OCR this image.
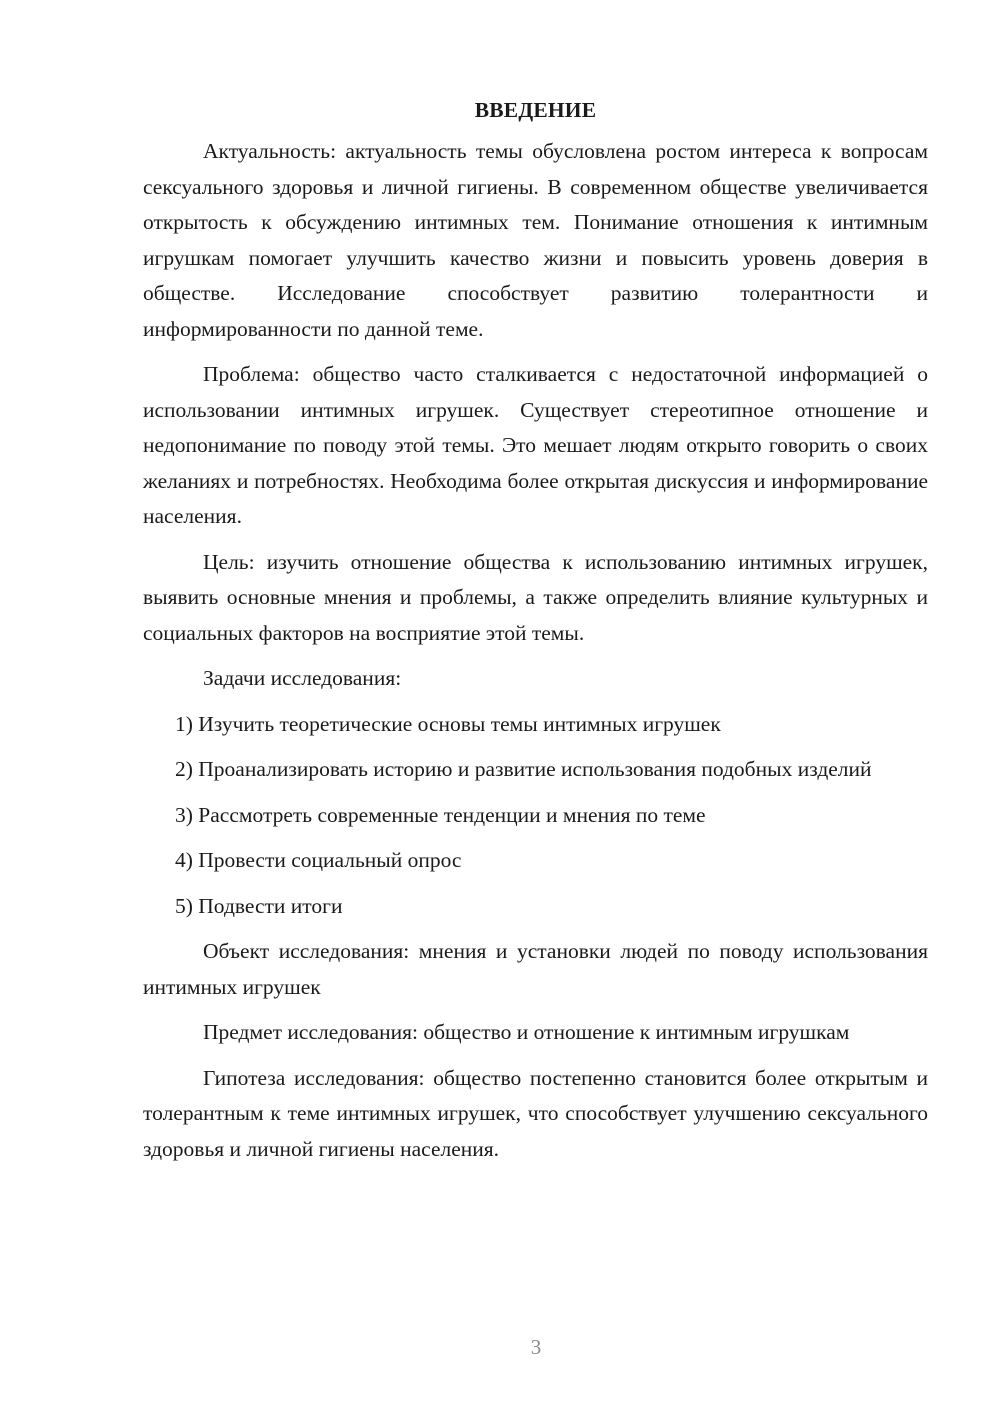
ВВЕДЕНИЕ

Актуальность: актуальность темы обусловлена ростом интереса к вопросам сексуального здоровья и личной гигиены. В современном обществе увеличивается открытость к обсуждению интимных тем. Понимание отношения к интимным игрушкам помогает улучшить качество жизни и повысить уровень доверия в обществе. Исследование способствует развитию толерантности и информированности по данной теме.

Проблема: общество часто сталкивается с недостаточной информацией о использовании интимных игрушек. Существует стереотипное отношение и недопонимание по поводу этой темы. Это мешает людям открыто говорить о своих желаниях и потребностях. Необходима более открытая дискуссия и информирование населения.

Цель: изучить отношение общества к использованию интимных игрушек, выявить основные мнения и проблемы, а также определить влияние культурных и социальных факторов на восприятие этой темы.

Задачи исследования:

1) Изучить теоретические основы темы интимных игрушек

2) Проанализировать историю и развитие использования подобных изделий

3) Рассмотреть современные тенденции и мнения по теме

4) Провести социальный опрос

5) Подвести итоги

Объект исследования: мнения и установки людей по поводу использования интимных игрушек

Предмет исследования: общество и отношение к интимным игрушкам

Гипотеза исследования: общество постепенно становится более открытым и толерантным к теме интимных игрушек, что способствует улучшению сексуального здоровья и личной гигиены населения.

3
